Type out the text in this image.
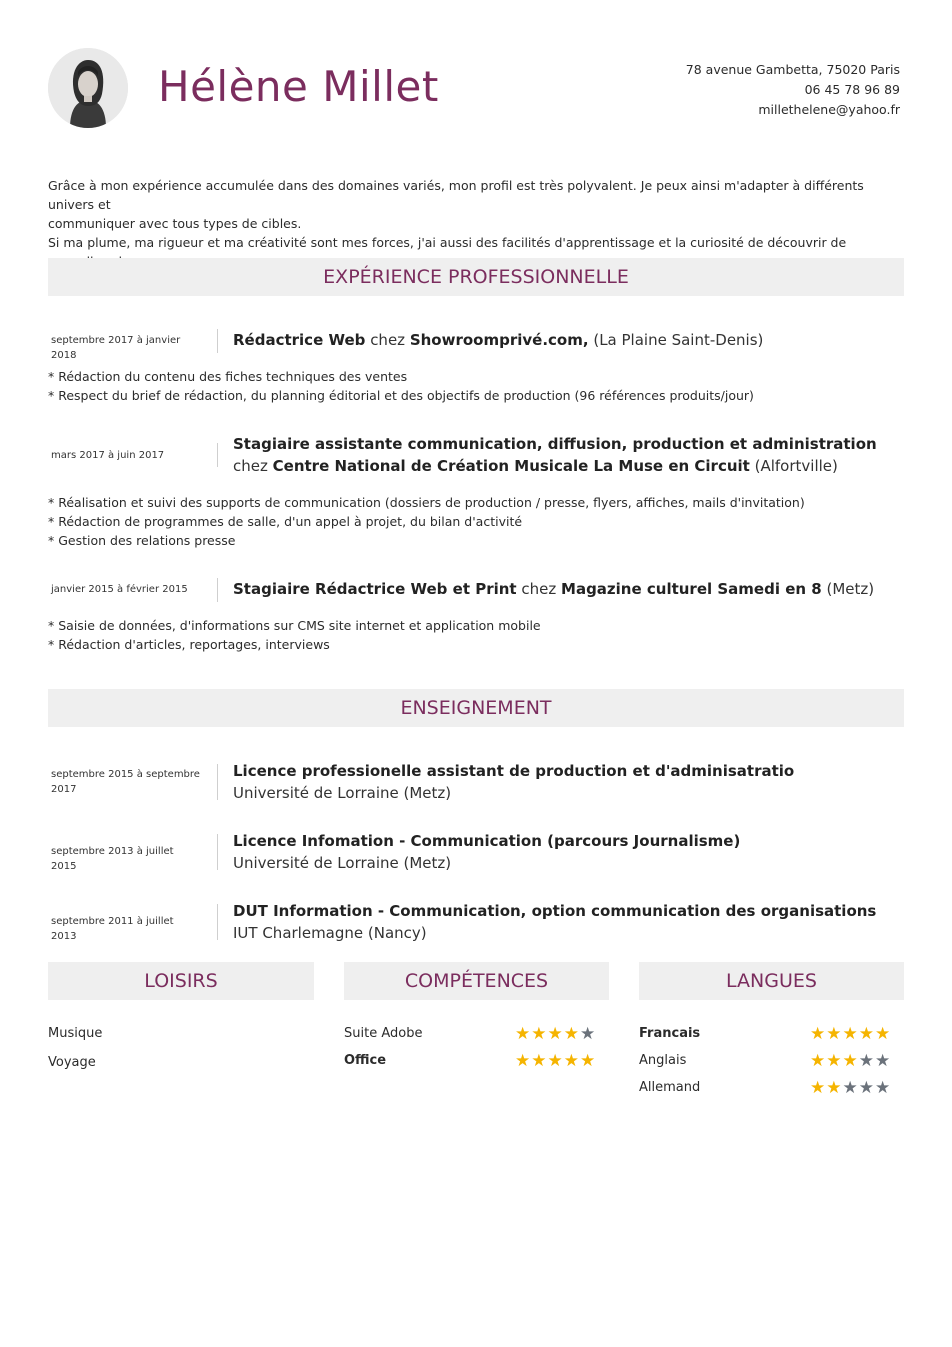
Hélène Millet	78 avenue Gambetta, 75020 Paris
06 45 78 96 89
millethelene@yahoo.fr
Grâce à mon expérience accumulée dans des domaines variés, mon profil est très polyvalent. Je peux ainsi m'adapter à différents univers et
communiquer avec tous types de cibles.
Si ma plume, ma rigueur et ma créativité sont mes forces, j'ai aussi des facilités d'apprentissage et la curiosité de découvrir de
EXPÉRIENCE PROFESSIONNELLE
septembre 2017 à janvier 2018
Rédactrice Web chez Showroomprivé.com, (La Plaine Saint-Denis)
* Rédaction du contenu des fiches techniques des ventes
* Respect du brief de rédaction, du planning éditorial et des objectifs de production (96 références produits/jour)
mars 2017 à juin 2017
Stagiaire assistante communication, diffusion, production et administration chez Centre National de Création Musicale La Muse en Circuit (Alfortville)
* Réalisation et suivi des supports de communication (dossiers de production / presse, flyers, affiches, mails d'invitation)
* Rédaction de programmes de salle, d'un appel à projet, du bilan d'activité
* Gestion des relations presse
janvier 2015 à février 2015	Stagiaire Rédactrice Web et Print chez Magazine culturel Samedi en 8 (Metz)
* Saisie de données, d'informations sur CMS site internet et application mobile
* Rédaction d'articles, reportages, interviews
ENSEIGNEMENT
septembre 2015 à septembre
2017
Licence professionelle assistant de production et d'adminisatratio
Université de Lorraine (Metz)
septembre 2013 à juillet 2015
Licence Infomation - Communication (parcours Journalisme)
Université de Lorraine (Metz)
septembre 2011 à juillet 2013
DUT Information - Communication, option communication des organisations
IUT Charlemagne (Nancy)
LOISIRS	COMPÉTENCES	LANGUES
Musique
Voyage
Suite Adobe	★★★★★
Office	★★★★★
Francais	★★★★★
Anglais	★★★★★
Allemand	★★★★★
